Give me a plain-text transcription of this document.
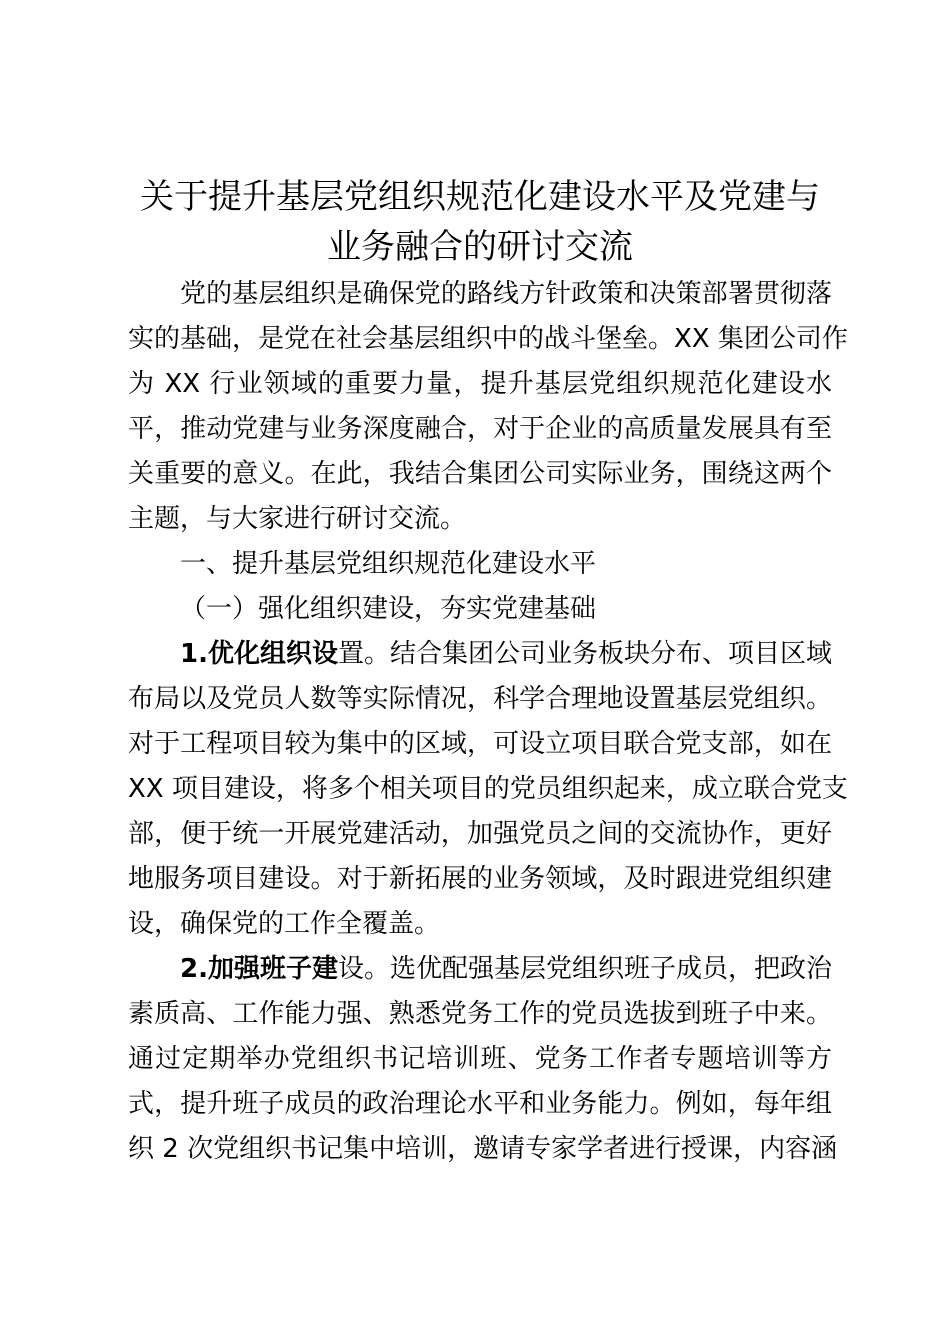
关于提升基层党组织规范化建设水平及党建与
业务融合的研讨交流

党的基层组织是确保党的路线方针政策和决策部署贯彻落
实的基础，是党在社会基层组织中的战斗堡垒。XX 集团公司作
为 XX 行业领域的重要力量，提升基层党组织规范化建设水
平，推动党建与业务深度融合，对于企业的高质量发展具有至
关重要的意义。在此，我结合集团公司实际业务，围绕这两个
主题，与大家进行研讨交流。

一、提升基层党组织规范化建设水平

（一）强化组织建设，夯实党建基础

1.优化组织设置。结合集团公司业务板块分布、项目区域
布局以及党员人数等实际情况，科学合理地设置基层党组织。
对于工程项目较为集中的区域，可设立项目联合党支部，如在
XX 项目建设，将多个相关项目的党员组织起来，成立联合党支
部，便于统一开展党建活动，加强党员之间的交流协作，更好
地服务项目建设。对于新拓展的业务领域，及时跟进党组织建
设，确保党的工作全覆盖。

2.加强班子建设。选优配强基层党组织班子成员，把政治
素质高、工作能力强、熟悉党务工作的党员选拔到班子中来。
通过定期举办党组织书记培训班、党务工作者专题培训等方
式，提升班子成员的政治理论水平和业务能力。例如，每年组
织 2 次党组织书记集中培训，邀请专家学者进行授课，内容涵
